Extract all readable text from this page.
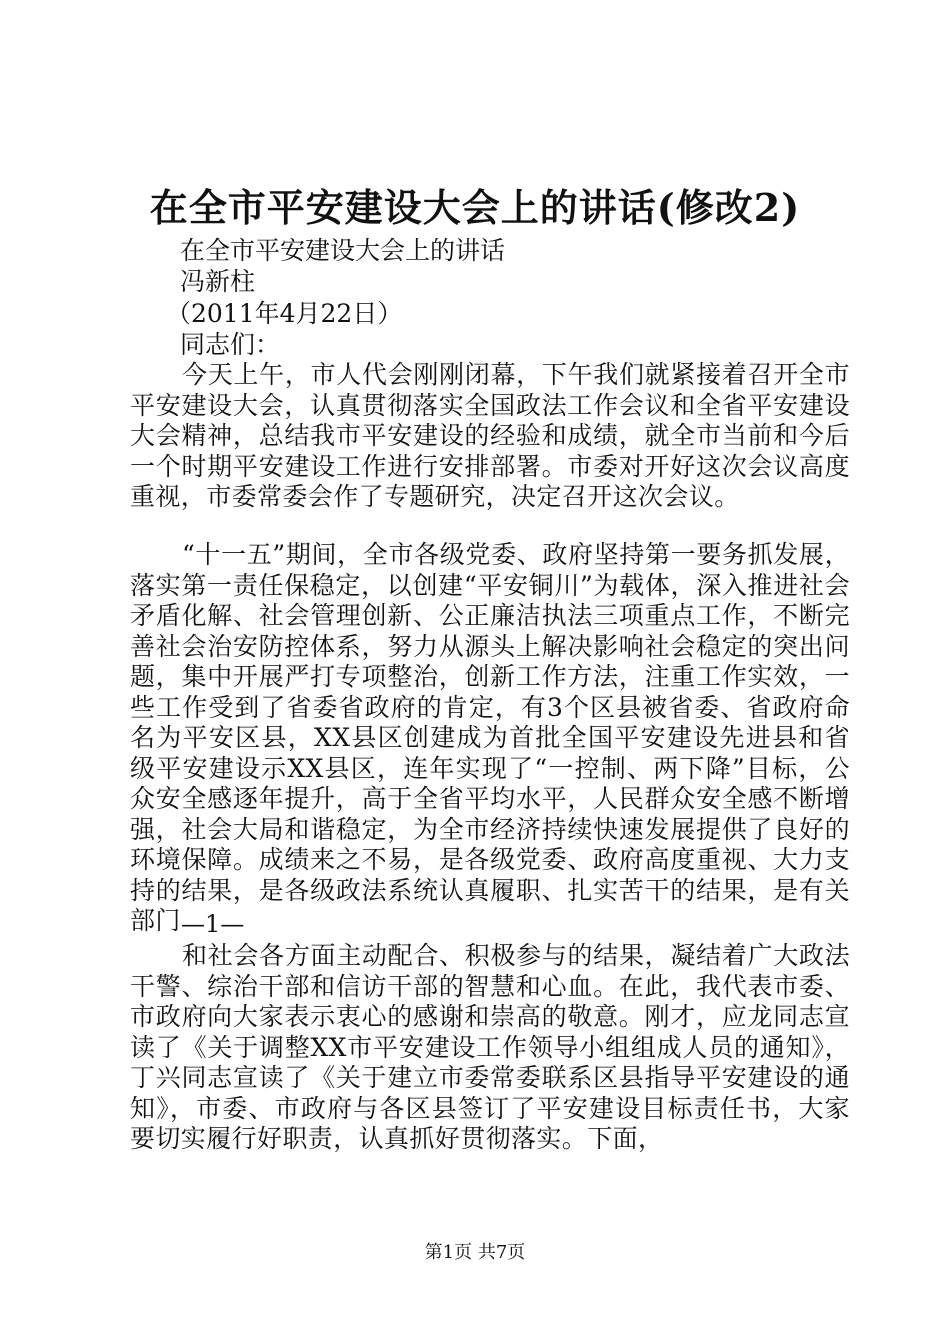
在全市平安建设大会上的讲话(修改2)
在全市平安建设大会上的讲话
冯新柱
（2011年4月22日）
同志们：
今天上午，市人代会刚刚闭幕，下午我们就紧接着召开全市平安建设大会，认真贯彻落实全国政法工作会议和全省平安建设大会精神，总结我市平安建设的经验和成绩，就全市当前和今后一个时期平安建设工作进行安排部署。市委对开好这次会议高度重视，市委常委会作了专题研究，决定召开这次会议。
“十一五”期间，全市各级党委、政府坚持第一要务抓发展，落实第一责任保稳定，以创建“平安铜川”为载体，深入推进社会矛盾化解、社会管理创新、公正廉洁执法三项重点工作，不断完善社会治安防控体系，努力从源头上解决影响社会稳定的突出问题，集中开展严打专项整治，创新工作方法，注重工作实效，一些工作受到了省委省政府的肯定，有3个区县被省委、省政府命名为平安区县，XX县区创建成为首批全国平安建设先进县和省级平安建设示XX县区，连年实现了“一控制、两下降”目标，公众安全感逐年提升，高于全省平均水平，人民群众安全感不断增强，社会大局和谐稳定，为全市经济持续快速发展提供了良好的环境保障。成绩来之不易，是各级党委、政府高度重视、大力支持的结果，是各级政法系统认真履职、扎实苦干的结果，是有关部门 —1—
和社会各方面主动配合、积极参与的结果，凝结着广大政法干警、综治干部和信访干部的智慧和心血。在此，我代表市委、市政府向大家表示衷心的感谢和崇高的敬意。刚才，应龙同志宣读了《关于调整XX市平安建设工作领导小组组成人员的通知》，丁兴同志宣读了《关于建立市委常委联系区县指导平安建设的通知》，市委、市政府与各区县签订了平安建设目标责任书，大家要切实履行好职责，认真抓好贯彻落实。下面，
第1页 共7页
